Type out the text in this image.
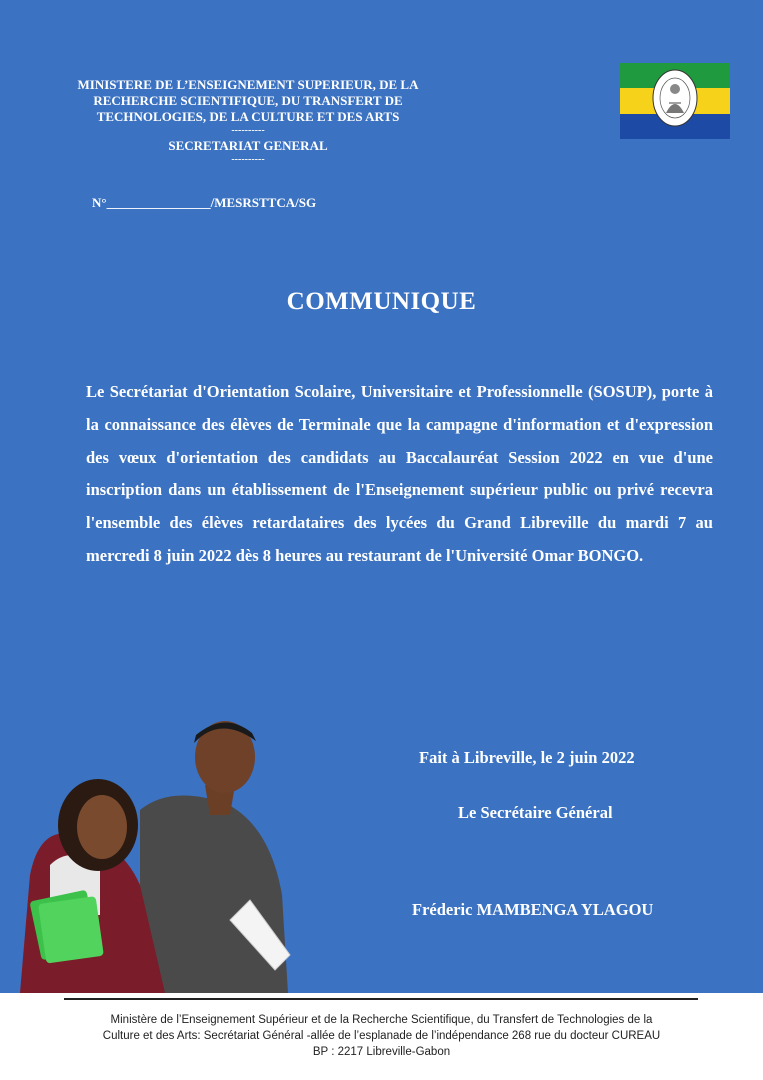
MINISTERE DE L’ENSEIGNEMENT SUPERIEUR, DE LA
RECHERCHE SCIENTIFIQUE, DU TRANSFERT DE
TECHNOLOGIES, DE LA CULTURE ET DES ARTS
----------
SECRETARIAT GENERAL
----------
N°________________/MESRSTTCA/SG
COMMUNIQUE
Le Secrétariat d'Orientation Scolaire, Universitaire et Professionnelle (SOSUP), porte à la connaissance des élèves de Terminale que la campagne d'information et d'expression des vœux d'orientation des candidats au Baccalauréat Session 2022 en vue d'une inscription dans un établissement de l'Enseignement supérieur public ou privé recevra l'ensemble des élèves retardataires des lycées du Grand Libreville du mardi 7 au mercredi 8 juin 2022 dès 8 heures au restaurant de l'Université Omar BONGO.
Fait à Libreville, le 2 juin 2022
Le Secrétaire Général
Fréderic MAMBENGA YLAGOU
Ministère de l’Enseignement Supérieur et de la Recherche Scientifique, du Transfert de Technologies de la
Culture et des Arts: Secrétariat Général -allée de l’esplanade de l’indépendance 268 rue du docteur CUREAU
BP : 2217 Libreville-Gabon
